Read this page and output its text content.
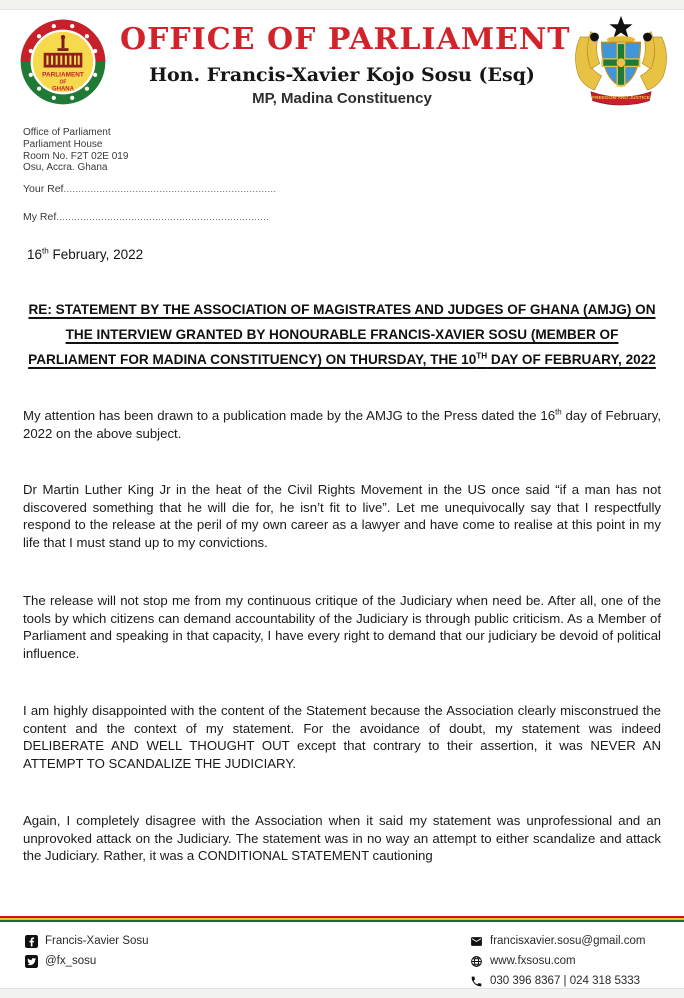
PARLIAMENT
OF
GHANA
OFFICE OF PARLIAMENT
Hon. Francis-Xavier Kojo Sosu (Esq)
MP, Madina Constituency	FREEDOM AND JUSTICE
Office of Parliament
Parliament House
Room No. F2T 02E 019
Osu, Accra. Ghana
Your Ref.......................................................................
My Ref.......................................................................
16th February, 2022
RE: STATEMENT BY THE ASSOCIATION OF MAGISTRATES AND JUDGES OF GHANA (AMJG) ON THE INTERVIEW GRANTED BY HONOURABLE FRANCIS-XAVIER SOSU (MEMBER OF PARLIAMENT FOR MADINA CONSTITUENCY) ON THURSDAY, THE 10TH DAY OF FEBRUARY, 2022

My attention has been drawn to a publication made by the AMJG to the Press dated the 16th day of February, 2022 on the above subject.

Dr Martin Luther King Jr in the heat of the Civil Rights Movement in the US once said “if a man has not discovered something that he will die for, he isn’t fit to live”. Let me unequivocally say that I respectfully respond to the release at the peril of my own career as a lawyer and have come to realise at this point in my life that I must stand up to my convictions.

The release will not stop me from my continuous critique of the Judiciary when need be. After all, one of the tools by which citizens can demand accountability of the Judiciary is through public criticism. As a Member of Parliament and speaking in that capacity, I have every right to demand that our judiciary be devoid of political influence.

I am highly disappointed with the content of the Statement because the Association clearly misconstrued the content and the context of my statement. For the avoidance of doubt, my statement was indeed DELIBERATE AND WELL THOUGHT OUT except that contrary to their assertion, it was NEVER AN ATTEMPT TO SCANDALIZE THE JUDICIARY.

Again, I completely disagree with the Association when it said my statement was unprofessional and an unprovoked attack on the Judiciary. The statement was in no way an attempt to either scandalize and attack the Judiciary. Rather, it was a CONDITIONAL STATEMENT cautioning

Francis-Xavier Sosu
@fx_sosu
francisxavier.sosu@gmail.com
www.fxsosu.com
030 396 8367 | 024 318 5333
